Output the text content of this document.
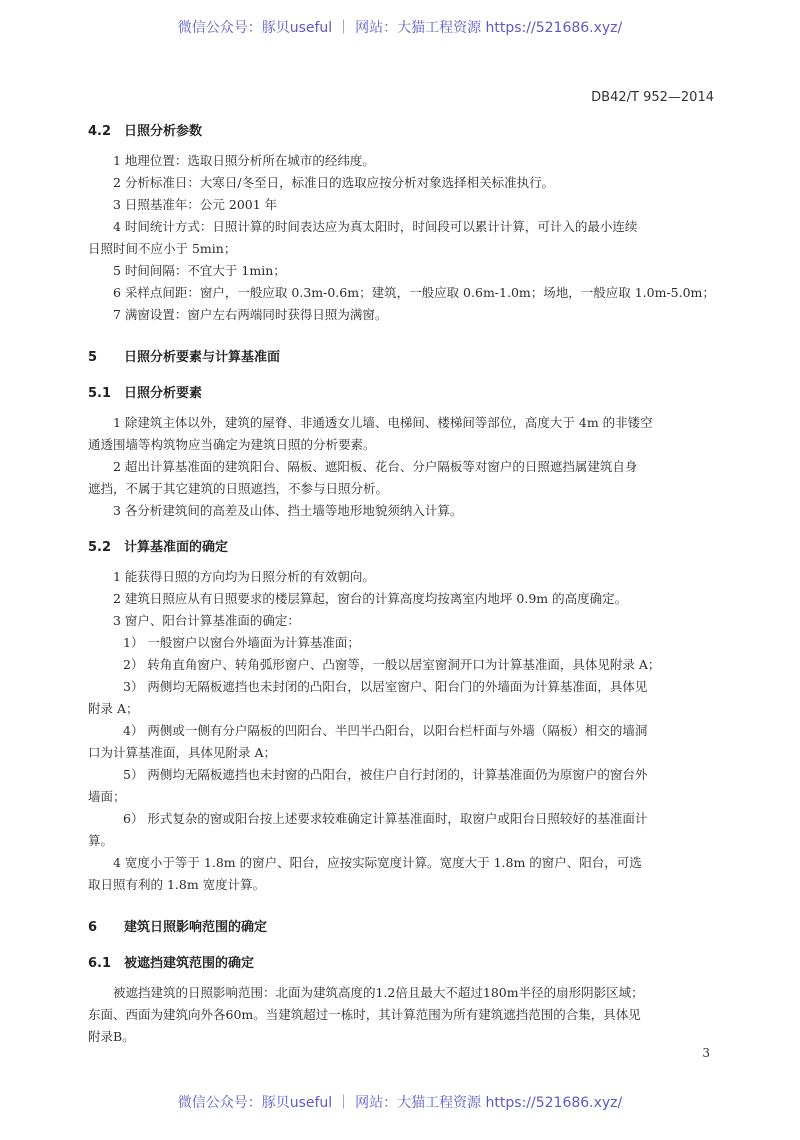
微信公众号：豚贝useful ｜ 网站：大猫工程资源 https://521686.xyz/
DB42/T 952—2014
4.2 日照分析参数
1 地理位置：选取日照分析所在城市的经纬度。
2 分析标准日：大寒日/冬至日，标准日的选取应按分析对象选择相关标准执行。
3 日照基准年：公元 2001 年
4 时间统计方式：日照计算的时间表达应为真太阳时，时间段可以累计计算，可计入的最小连续
日照时间不应小于 5min；
5 时间间隔：不宜大于 1min；
6 采样点间距：窗户，一般应取 0.3m-0.6m；建筑，一般应取 0.6m-1.0m；场地，一般应取 1.0m-5.0m；
7 满窗设置：窗户左右两端同时获得日照为满窗。
5 日照分析要素与计算基准面
5.1 日照分析要素
1 除建筑主体以外，建筑的屋脊、非通透女儿墙、电梯间、楼梯间等部位，高度大于 4m 的非镂空
通透围墙等构筑物应当确定为建筑日照的分析要素。
2 超出计算基准面的建筑阳台、隔板、遮阳板、花台、分户隔板等对窗户的日照遮挡属建筑自身
遮挡，不属于其它建筑的日照遮挡，不参与日照分析。
3 各分析建筑间的高差及山体、挡土墙等地形地貌须纳入计算。
5.2 计算基准面的确定
1 能获得日照的方向均为日照分析的有效朝向。
2 建筑日照应从有日照要求的楼层算起，窗台的计算高度均按离室内地坪 0.9m 的高度确定。
3 窗户、阳台计算基准面的确定：
1） 一般窗户以窗台外墙面为计算基准面；
2） 转角直角窗户、转角弧形窗户、凸窗等，一般以居室窗洞开口为计算基准面，具体见附录 A；
3） 两侧均无隔板遮挡也未封闭的凸阳台，以居室窗户、阳台门的外墙面为计算基准面，具体见
附录 A；
4） 两侧或一侧有分户隔板的凹阳台、半凹半凸阳台，以阳台栏杆面与外墙（隔板）相交的墙洞
口为计算基准面，具体见附录 A；
5） 两侧均无隔板遮挡也未封窗的凸阳台，被住户自行封闭的，计算基准面仍为原窗户的窗台外
墙面；
6） 形式复杂的窗或阳台按上述要求较难确定计算基准面时，取窗户或阳台日照较好的基准面计
算。
4 宽度小于等于 1.8m 的窗户、阳台，应按实际宽度计算。宽度大于 1.8m 的窗户、阳台，可选
取日照有利的 1.8m 宽度计算。
6 建筑日照影响范围的确定
6.1 被遮挡建筑范围的确定
被遮挡建筑的日照影响范围：北面为建筑高度的1.2倍且最大不超过180m半径的扇形阴影区域；
东面、西面为建筑向外各60m。当建筑超过一栋时，其计算范围为所有建筑遮挡范围的合集，具体见
附录B。
3
微信公众号：豚贝useful ｜ 网站：大猫工程资源 https://521686.xyz/
